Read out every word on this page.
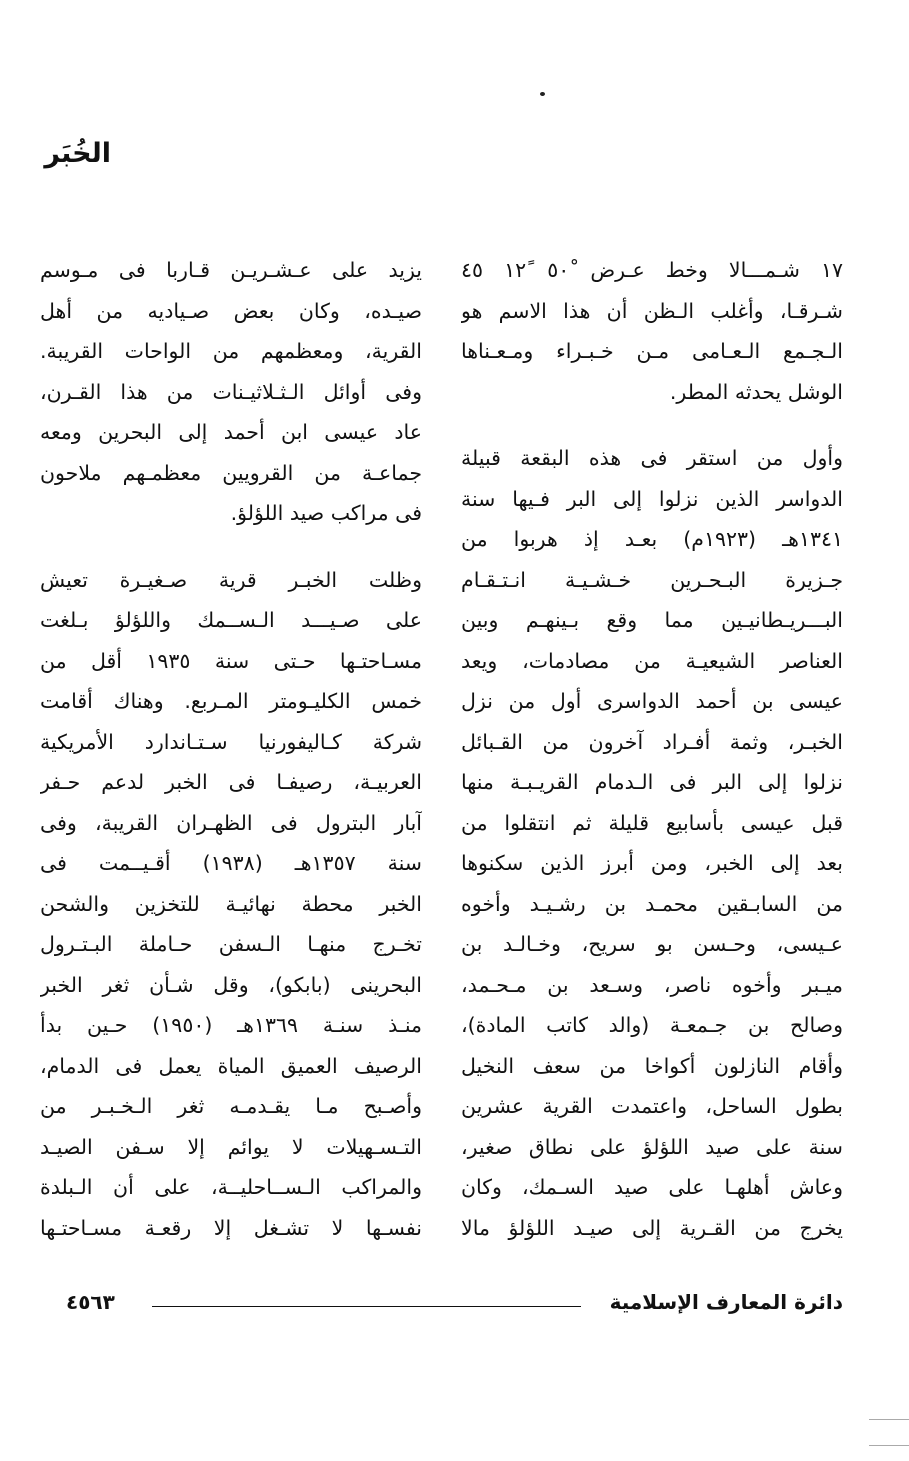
الخُبَر

١٧ً شـمـــالا وخط عـرض ٥٠ْ ١٢ً ٤٥
شـرقـا، وأغلب الـظن أن هذا الاسم هو
الـجـمع الـعـامى مـن خـبـراء ومـعـناها
الوشل يحدثه المطر.

وأول من استقر فى هذه البقعة قبيلة
الدواسر الذين نزلوا إلى البر فـيها سنة
١٣٤١هـ (١٩٢٣م) بعـد إذ هربوا من
جـزيرة البـحـرين خـشـيـة انـتـقـام
البـــريـطانيـين مما وقع بـينهـم وبين
العناصر الشيعيـة من مصادمات، ويعد
عيسى بن أحمد الدواسرى أول من نزل
الخبـر، وثمة أفـراد آخرون من القـبائل
نزلوا إلى البر فى الـدمام القريـبـة منها
قبل عيسى بأسابيع قليلة ثم انتقلوا من
بعد إلى الخبر، ومن أبرز الذين سكنوها
من السابـقين محمـد بن رشـيـد وأخوه
عـيسى، وحـسن بو سريح، وخـالـد بن
ميـبر وأخوه ناصر، وسـعد بن مـحـمد،
وصالح بن جـمعـة (والد كاتب المادة)،
وأقام النازلون أكواخا من سعف النخيل
بطول الساحل، واعتمدت القرية عشرين
سنة على صيد اللؤلؤ على نطاق صغير،
وعاش أهلهـا على صيد السـمك، وكان
يخرج من القـرية إلى صيـد اللؤلؤ مالا

يزيد على عـشـريـن قـاربا فى مـوسم
صيـده، وكان بعض صـياديه من أهل
القرية، ومعظمهم من الواحات القريبة.
وفى أوائل الـثـلاثيـنات من هذا القـرن،
عاد عيسى ابن أحمد إلى البحرين ومعه
جماعـة من القرويين معظمـهم ملاحون
فى مراكب صيد اللؤلؤ.

وظلت الخبـر قرية صـغيـرة تعيش
على صـيـــد الـســمك واللؤلؤ بـلغت
مسـاحتـها حـتى سنة ١٩٣٥ أقل من
خمس الكليـومتر المـربع. وهناك أقامت
شركة كـاليفورنيا سـتـاندارد الأمريكية
العربيـة، رصيفـا فى الخبر لدعم حـفر
آبار البترول فى الظهـران القريبة، وفى
سنة ١٣٥٧هـ (١٩٣٨) أقـيــمت فى
الخبر محطة نهائيـة للتخزين والشحن
تخـرج منهـا الـسفن حـاملة البـتـرول
البحرينى (بابكو)، وقل شـأن ثغر الخبر
منـذ سنـة ١٣٦٩هـ (١٩٥٠) حـين بدأ
الرصيف العميق المياة يعمل فى الدمام،
وأصـبح مـا يقـدمـه ثغر الـخـبـر من
التـسـهيلات لا يوائم إلا سـفن الصيـد
والمراكب الـســاحليــة، على أن الـبلدة
نفسـها لا تشـغل إلا رقعـة مسـاحتـها

دائرة المعارف الإسلامية
٤٥٦٣
